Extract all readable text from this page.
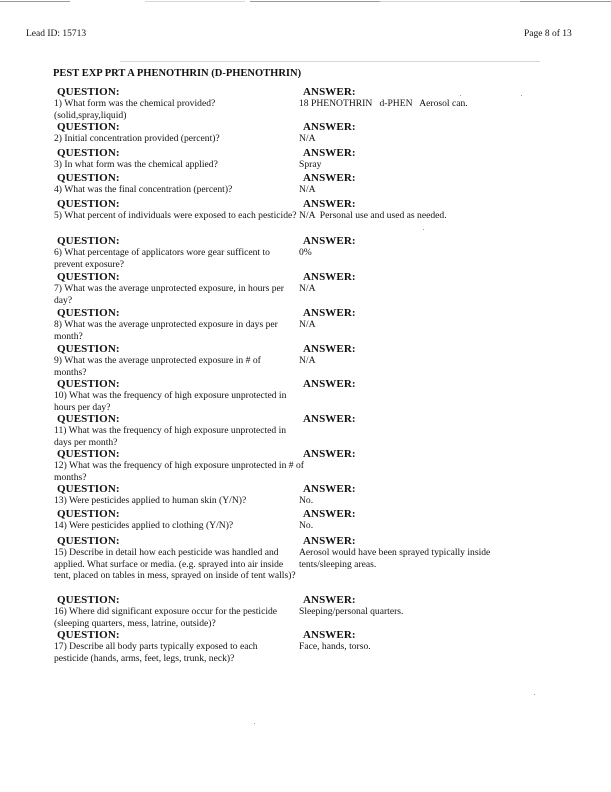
Lead ID: 15713	Page 8 of 13
PEST EXP PRT A PHENOTHRIN (D-PHENOTHRIN)
QUESTION:
1) What form was the chemical provided?(solid,spray,liquid)
ANSWER:
18 PHENOTHRIN   d-PHEN   Aerosol can.
QUESTION:
2) Initial concentration provided (percent)?
ANSWER:
N/A
QUESTION:
3) In what form was the chemical applied?
ANSWER:
Spray
QUESTION:
4) What was the final concentration (percent)?
ANSWER:
N/A
QUESTION:
5) What percent of individuals were exposed to each pesticide?
ANSWER:
N/A  Personal use and used as needed.
QUESTION:
6) What percentage of applicators wore gear sufficent to prevent exposure?
ANSWER:
0%
QUESTION:
7) What was the average unprotected exposure, in hours per day?
ANSWER:
N/A
QUESTION:
8) What was the average unprotected exposure in days per month?
ANSWER:
N/A
QUESTION:
9) What was the average unprotected exposure in # of months?
ANSWER:
N/A
QUESTION:
10) What was the frequency of high exposure unprotected in hours per day?
ANSWER:
QUESTION:
11) What was the frequency of high exposure unprotected in days per month?
ANSWER:
QUESTION:
12) What was the frequency of high exposure unprotected in # of months?
ANSWER:
QUESTION:
13) Were pesticides applied to human skin (Y/N)?
ANSWER:
No.
QUESTION:
14) Were pesticides applied to clothing (Y/N)?
ANSWER:
No.
QUESTION:
15) Describe in detail how each pesticide was handled and applied. What surface or media. (e.g. sprayed into air inside tent, placed on tables in mess, sprayed on inside of tent walls)?
ANSWER:
Aerosol would have been sprayed typically inside tents/sleeping areas.
QUESTION:
16) Where did significant exposure occur for the pesticide (sleeping quarters, mess, latrine, outside)?
ANSWER:
Sleeping/personal quarters.
QUESTION:
17) Describe all body parts typically exposed to each pesticide (hands, arms, feet, legs, trunk, neck)?
ANSWER:
Face, hands, torso.
